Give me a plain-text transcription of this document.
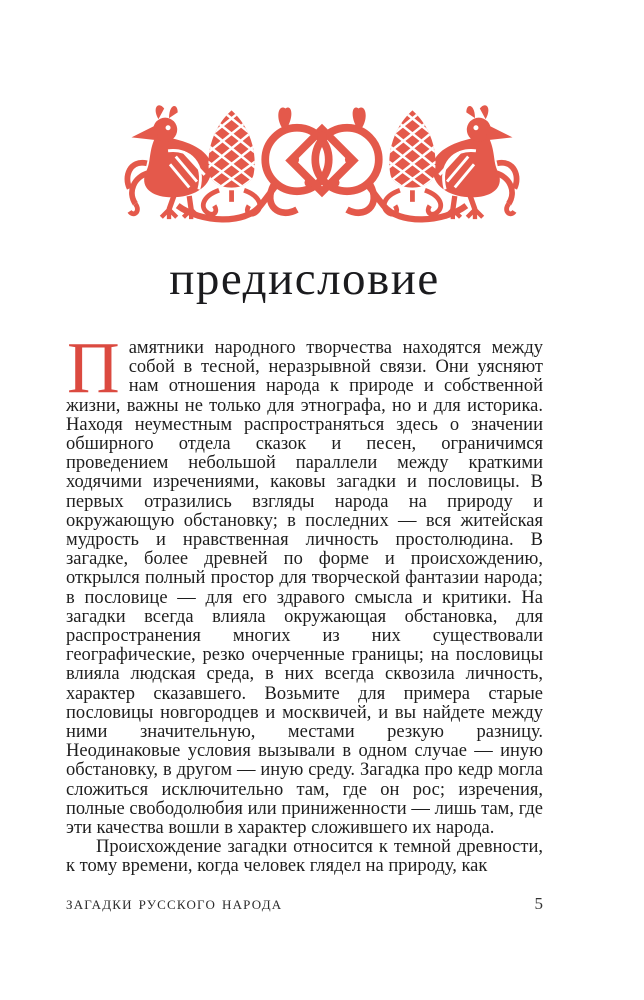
предисловие

Памятники народного творчества находятся между собой в тесной, неразрывной связи. Они уясняют нам отношения народа к природе и собственной жизни, важны не только для этнографа, но и для историка. Находя неуместным распространяться здесь о значении обширного отдела сказок и песен, ограничимся проведением небольшой параллели между краткими ходячими изречениями, каковы загадки и пословицы. В первых отразились взгляды народа на природу и окружающую обстановку; в последних — вся житейская мудрость и нравственная личность простолюдина. В загадке, более древней по форме и происхождению, открылся полный простор для творческой фантазии народа; в пословице — для его здравого смысла и критики. На загадки всегда влияла окружающая обстановка, для распространения многих из них существовали географические, резко очерченные границы; на пословицы влияла людская среда, в них всегда сквозила личность, характер сказавшего. Возьмите для примера старые пословицы новгородцев и москвичей, и вы найдете между ними значительную, местами резкую разницу. Неодинаковые условия вызывали в одном случае — иную обстановку, в другом — иную среду. Загадка про кедр могла сложиться исключительно там, где он рос; изречения, полные свободолюбия или приниженности — лишь там, где эти качества вошли в характер сложившего их народа.

Происхождение загадки относится к темной древности, к тому времени, когда человек глядел на природу, как

загадки русского народа	5
